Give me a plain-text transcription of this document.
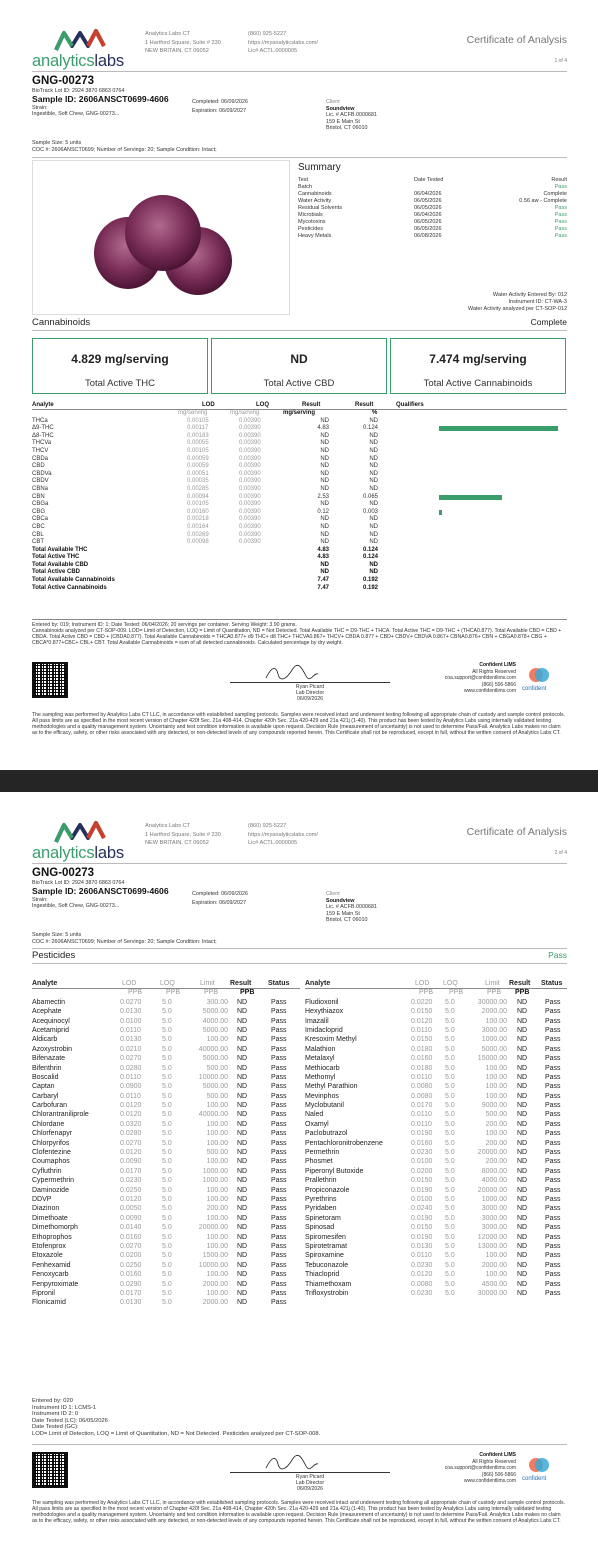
analyticslabs
Analytics Labs CT
1 Hartford Square, Suite # 230
NEW BRITAIN, CT 06052
(860) 925-5227
https://myanalyticslabs.com/
Lic# ACTL.0000005
Certificate of Analysis
1 of 4
GNG-00273
BioTrack Lot ID: 2924 3870 6863 0764
Sample ID: 2606ANSCT0699-4606
Strain:
Ingestible, Soft Chew, GNG-00273...
Completed: 06/09/2026
Expiration: 06/09/2027
Client
Soundview
Lic. # ACFB.0000681
159 E Main St
Bristol, CT 06010
Sample Size: 5 units
COC #: 2606ANSCT0699; Number of Servings: 20; Sample Condition: Intact;
Summary
Test	Date Tested	Result
Batch	Pass
Cannabinoids	06/04/2026	Complete
Water Activity	06/05/2026	0.56 aw - Complete
Residual Solvents	06/05/2026	Pass
Microbials	06/04/2026	Pass
Mycotoxins	06/05/2026	Pass
Pesticides	06/05/2026	Pass
Heavy Metals	06/08/2026	Pass
Water Activity Entered By: 012
Instrument ID: CT-WA-3
Water Activity analyzed per CT-SOP-012
Cannabinoids	Complete
4.829 mg/serving
Total Active THC
ND
Total Active CBD
7.474 mg/serving
Total Active Cannabinoids
Analyte	LOD	LOQ	Result	Result	Qualifiers
mg/serving	mg/serving	mg/serving	%
THCa	0.00105	0.00390	ND	ND
Δ9-THC	0.00117	0.00390	4.83	0.124
Δ8-THC	0.00183	0.00390	ND	ND
THCVa	0.00055	0.00390	ND	ND
THCV	0.00105	0.00390	ND	ND
CBDa	0.00059	0.00390	ND	ND
CBD	0.00059	0.00390	ND	ND
CBDVa	0.00051	0.00390	ND	ND
CBDV	0.00035	0.00390	ND	ND
CBNa	0.00285	0.00390	ND	ND
CBN	0.00094	0.00390	2.53	0.065
CBGa	0.00105	0.00390	ND	ND
CBG	0.00160	0.00390	0.12	0.003
CBCa	0.00218	0.00390	ND	ND
CBC	0.00164	0.00390	ND	ND
CBL	0.00269	0.00390	ND	ND
CBT	0.00098	0.00390	ND	ND
Total Available THC	4.83	0.124
Total Active THC	4.83	0.124
Total Available CBD	ND	ND
Total Active CBD	ND	ND
Total Available Cannabinoids	7.47	0.192
Total Active Cannabinoids	7.47	0.192
Entered by: 019; Instrument ID: 1; Date Tested: 06/04/2026; 20 servings per container. Serving Weight: 3.90 grams.
Cannabinoids analyzed per CT-SOP-009. LOD= Limit of Detection, LOQ = Limit of Quantitation, ND = Not Detected. Total Available THC = D9-THC + THCA. Total Active THC = D9-THC + (THCA0.877). Total Available CBD = CBD + CBDA. Total Active CBD = CBD + (CBDA0.877). Total Available Cannabinoids = THCA0.877+ d9 THC+ d8 THC+ THCVA0.867+ THCV+ CBDA 0.877 + CBD+ CBDV+ CBDVA 0.867+ CBNA0.876+ CBN + CBGA0.878+ CBG + CBCA*0.877+CBC+ CBL+ CBT. Total Available Cannabinoids = sum of all detected cannabinoids. Calculated percentage by dry weight.
Ryan Picard
Lab Director
06/09/2026
Confident LIMS
All Rights Reserved
coa.support@confidentlims.com
(866) 506-5866
www.confidentlims.com confident
The sampling was performed by Analytics Labs CT LLC, in accordance with established sampling protocols. Samples were received intact and underwent testing following all appropriate chain of custody and sample control protocols. All pass limits are as specified in the most recent version of Chapter 420f Sec. 21a 408-414, Chapter 420h Sec. 21a 420-429 and 21a 421j (1-40). This product has been tested by Analytics Labs using internally validated testing methodologies and a quality management system. Uncertainty and test condition information is available upon request. Decision Rule (measurement of uncertainty) is not used to determine Pass/Fail. Analytics Labs makes no claim as to the efficacy, safety, or other risks associated with any detected, or non-detected levels of any compounds reported herein. This Certificate shall not be reproduced, except in full, without the written consent of Analytics Labs CT.
analyticslabs
Analytics Labs CT
1 Hartford Square, Suite # 230
NEW BRITAIN, CT 06052
(860) 925-5227
https://myanalyticslabs.com/
Lic# ACTL.0000005
Certificate of Analysis
2 of 4
GNG-00273
BioTrack Lot ID: 2924 3870 6863 0764
Sample ID: 2606ANSCT0699-4606
Strain:
Ingestible, Soft Chew, GNG-00273...
Completed: 06/09/2026
Expiration: 06/09/2027
Client
Soundview
Lic. # ACFB.0000681
159 E Main St
Bristol, CT 06010
Sample Size: 5 units
COC #: 2606ANSCT0699; Number of Servings: 20; Sample Condition: Intact;
Pesticides	Pass
Analyte	LOD	LOQ	Limit Result Status
PPB	PPB	PPB	PPB
Abamectin	0.0270	5.0	300.00 ND	Pass
Acephate	0.0130	5.0	5000.00 ND	Pass
Acequinocyl	0.0100	5.0	4000.00 ND	Pass
Acetamiprid	0.0110	5.0	5000.00 ND	Pass
Aldicarb	0.0130	5.0	100.00 ND	Pass
Azoxystrobin	0.0210	5.0	40000.00 ND	Pass
Bifenazate	0.0270	5.0	5000.00 ND	Pass
Bifenthrin	0.0280	5.0	500.00 ND	Pass
Boscalid	0.0110	5.0	10000.00 ND	Pass
Captan	0.0900	5.0	5000.00 ND	Pass
Carbaryl	0.0110	5.0	500.00 ND	Pass
Carbofuran	0.0120	5.0	100.00 ND	Pass
Chlorantraniliprole	0.0120	5.0	40000.00 ND	Pass
Chlordane	0.0320	5.0	100.00 ND	Pass
Chlorfenapyr	0.0280	5.0	100.00 ND	Pass
Chlorpyrifos	0.0270	5.0	100.00 ND	Pass
Clofentezine	0.0120	5.0	500.00 ND	Pass
Coumaphos	0.0090	5.0	100.00 ND	Pass
Cyfluthrin	0.0170	5.0	1000.00 ND	Pass
Cypermethrin	0.0230	5.0	1000.00 ND	Pass
Daminozide	0.0250	5.0	100.00 ND	Pass
DDVP	0.0120	5.0	100.00 ND	Pass
Diazinon	0.0050	5.0	200.00 ND	Pass
Dimethoate	0.0090	5.0	100.00 ND	Pass
Dimethomorph	0.0140	5.0	20000.00 ND	Pass
Ethoprophos	0.0160	5.0	100.00 ND	Pass
Etofenprox	0.0270	5.0	100.00 ND	Pass
Etoxazole	0.0200	5.0	1500.00 ND	Pass
Fenhexamid	0.0250	5.0	10000.00 ND	Pass
Fenoxycarb	0.0160	5.0	100.00 ND	Pass
Fenpyroximate	0.0290	5.0	2000.00 ND	Pass
Fipronil	0.0170	5.0	100.00 ND	Pass
Flonicamid	0.0130	5.0	2000.00 ND	Pass
Analyte	LOD LOQ	Limit Result Status
PPB PPB	PPB PPB
Fludioxonil	0.0220 5.0	30000.00 ND	Pass
Hexythiazox	0.0150 5.0	2000.00 ND	Pass
Imazalil	0.0120 5.0	100.00 ND	Pass
Imidacloprid	0.0110 5.0	3000.00 ND	Pass
Kresoxim Methyl	0.0150 5.0	1000.00 ND	Pass
Malathion	0.0180 5.0	5000.00 ND	Pass
Metalaxyl	0.0160 5.0	15000.00 ND	Pass
Methiocarb	0.0180 5.0	100.00 ND	Pass
Methomyl	0.0110 5.0	100.00 ND	Pass
Methyl Parathion	0.0080 5.0	100.00 ND	Pass
Mevinphos	0.0080 5.0	100.00 ND	Pass
Myclobutanil	0.0170 5.0	9000.00 ND	Pass
Naled	0.0110 5.0	500.00 ND	Pass
Oxamyl	0.0110 5.0	200.00 ND	Pass
Paclobutrazol	0.0190 5.0	100.00 ND	Pass
Pentachloronitrobenzene	0.0160 5.0	200.00 ND	Pass
Permethrin	0.0230 5.0	20000.00 ND	Pass
Phosmet	0.0100 5.0	200.00 ND	Pass
Piperonyl Butoxide	0.0200 5.0	8000.00 ND	Pass
Prallethrin	0.0150 5.0	4000.00 ND	Pass
Propiconazole	0.0190 5.0	20000.00 ND	Pass
Pyrethrins	0.0100 5.0	1000.00 ND	Pass
Pyridaben	0.0240 5.0	3000.00 ND	Pass
Spinetoram	0.0190 5.0	3000.00 ND	Pass
Spinosad	0.0150 5.0	3000.00 ND	Pass
Spiromesifen	0.0190 5.0	12000.00 ND	Pass
Spirotetramat	0.0130 5.0	13000.00 ND	Pass
Spiroxamine	0.0110 5.0	100.00 ND	Pass
Tebuconazole	0.0230 5.0	2000.00 ND	Pass
Thiacloprid	0.0120 5.0	100.00 ND	Pass
Thiamethoxam	0.0080 5.0	4500.00 ND	Pass
Trifloxystrobin	0.0230 5.0	30000.00 ND	Pass
Entered by: 020
Instrument ID 1: LCMS-1
Instrument ID 2: 0
Date Tested (LC): 06/05/2026
Date Tested (GC):
LOD= Limit of Detection, LOQ = Limit of Quantitation, ND = Not Detected. Pesticides analyzed per CT-SOP-008.
Ryan Picard
Lab Director
06/09/2026
Confident LIMS
All Rights Reserved
coa.support@confidentlims.com
(866) 506-5866
www.confidentlims.com confident
The sampling was performed by Analytics Labs CT LLC, in accordance with established sampling protocols. Samples were received intact and underwent testing following all appropriate chain of custody and sample control protocols. All pass limits are as specified in the most recent version of Chapter 420f Sec. 21a 408-414, Chapter 420h Sec. 21a 420-429 and 21a 421j (1-40). This product has been tested by Analytics Labs using internally validated testing methodologies and a quality management system. Uncertainty and test condition information is available upon request. Decision Rule (measurement of uncertainty) is not used to determine Pass/Fail. Analytics Labs makes no claim as to the efficacy, safety, or other risks associated with any detected, or non-detected levels of any compounds reported herein. This Certificate shall not be reproduced, except in full, without the written consent of Analytics Labs CT.
